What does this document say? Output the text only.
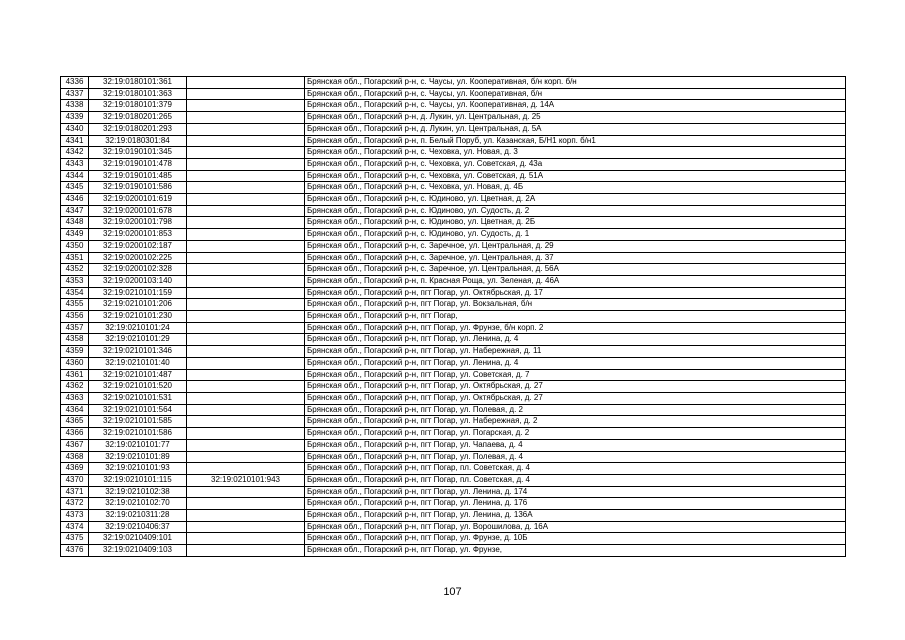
4336	32:19:0180101:361		Брянская обл., Погарский р-н, с. Чаусы, ул. Кооперативная, б/н корп. б/н
4337	32:19:0180101:363		Брянская обл., Погарский р-н, с. Чаусы, ул. Кооперативная, б/н
4338	32:19:0180101:379		Брянская обл., Погарский р-н, с. Чаусы, ул. Кооперативная, д. 14А
4339	32:19:0180201:265		Брянская обл., Погарский р-н, д. Лукин, ул. Центральная, д. 25
4340	32:19:0180201:293		Брянская обл., Погарский р-н, д. Лукин, ул. Центральная, д. 5А
4341	32:19:0180301:84		Брянская обл., Погарский р-н, п. Белый Поруб, ул. Казанская, Б/Н1 корп. б/н1
4342	32:19:0190101:345		Брянская обл., Погарский р-н, с. Чеховка, ул. Новая, д. 3
4343	32:19:0190101:478		Брянская обл., Погарский р-н, с. Чеховка, ул. Советская, д. 43а
4344	32:19:0190101:485		Брянская обл., Погарский р-н, с. Чеховка, ул. Советская, д. 51А
4345	32:19:0190101:586		Брянская обл., Погарский р-н, с. Чеховка, ул. Новая, д. 4Б
4346	32:19:0200101:619		Брянская обл., Погарский р-н, с. Юдиново, ул. Цветная, д. 2А
4347	32:19:0200101:678		Брянская обл., Погарский р-н, с. Юдиново, ул. Судость, д. 2
4348	32:19:0200101:798		Брянская обл., Погарский р-н, с. Юдиново, ул. Цветная, д. 2Б
4349	32:19:0200101:853		Брянская обл., Погарский р-н, с. Юдиново, ул. Судость, д. 1
4350	32:19:0200102:187		Брянская обл., Погарский р-н, с. Заречное, ул. Центральная, д. 29
4351	32:19:0200102:225		Брянская обл., Погарский р-н, с. Заречное, ул. Центральная, д. 37
4352	32:19:0200102:328		Брянская обл., Погарский р-н, с. Заречное, ул. Центральная, д. 56А
4353	32:19:0200103:140		Брянская обл., Погарский р-н, п. Красная Роща, ул. Зеленая, д. 46А
4354	32:19:0210101:159		Брянская обл., Погарский р-н, пгт Погар, ул. Октябрьская, д. 17
4355	32:19:0210101:206		Брянская обл., Погарский р-н, пгт Погар, ул. Вокзальная, б/н
4356	32:19:0210101:230		Брянская обл., Погарский р-н, пгт Погар,
4357	32:19:0210101:24		Брянская обл., Погарский р-н, пгт Погар, ул. Фрунзе, б/н корп. 2
4358	32:19:0210101:29		Брянская обл., Погарский р-н, пгт Погар, ул. Ленина, д. 4
4359	32:19:0210101:346		Брянская обл., Погарский р-н, пгт Погар, ул. Набережная, д. 11
4360	32:19:0210101:40		Брянская обл., Погарский р-н, пгт Погар, ул. Ленина, д. 4
4361	32:19:0210101:487		Брянская обл., Погарский р-н, пгт Погар, ул. Советская, д. 7
4362	32:19:0210101:520		Брянская обл., Погарский р-н, пгт Погар, ул. Октябрьская, д. 27
4363	32:19:0210101:531		Брянская обл., Погарский р-н, пгт Погар, ул. Октябрьская, д. 27
4364	32:19:0210101:564		Брянская обл., Погарский р-н, пгт Погар, ул. Полевая, д. 2
4365	32:19:0210101:585		Брянская обл., Погарский р-н, пгт Погар, ул. Набережная, д. 2
4366	32:19:0210101:586		Брянская обл., Погарский р-н, пгт Погар, ул. Погарская, д. 2
4367	32:19:0210101:77		Брянская обл., Погарский р-н, пгт Погар, ул. Чапаева, д. 4
4368	32:19:0210101:89		Брянская обл., Погарский р-н, пгт Погар, ул. Полевая, д. 4
4369	32:19:0210101:93		Брянская обл., Погарский р-н, пгт Погар, пл. Советская, д. 4
4370	32:19:0210101:115	32:19:0210101:943	Брянская обл., Погарский р-н, пгт Погар, пл. Советская, д. 4
4371	32:19:0210102:38		Брянская обл., Погарский р-н, пгт Погар, ул. Ленина, д. 174
4372	32:19:0210102:70		Брянская обл., Погарский р-н, пгт Погар, ул. Ленина, д. 176
4373	32:19:0210311:28		Брянская обл., Погарский р-н, пгт Погар, ул. Ленина, д. 136А
4374	32:19:0210406:37		Брянская обл., Погарский р-н, пгт Погар, ул. Ворошилова, д. 16А
4375	32:19:0210409:101		Брянская обл., Погарский р-н, пгт Погар, ул. Фрунзе, д. 10Б
4376	32:19:0210409:103		Брянская обл., Погарский р-н, пгт Погар, ул. Фрунзе,
107
